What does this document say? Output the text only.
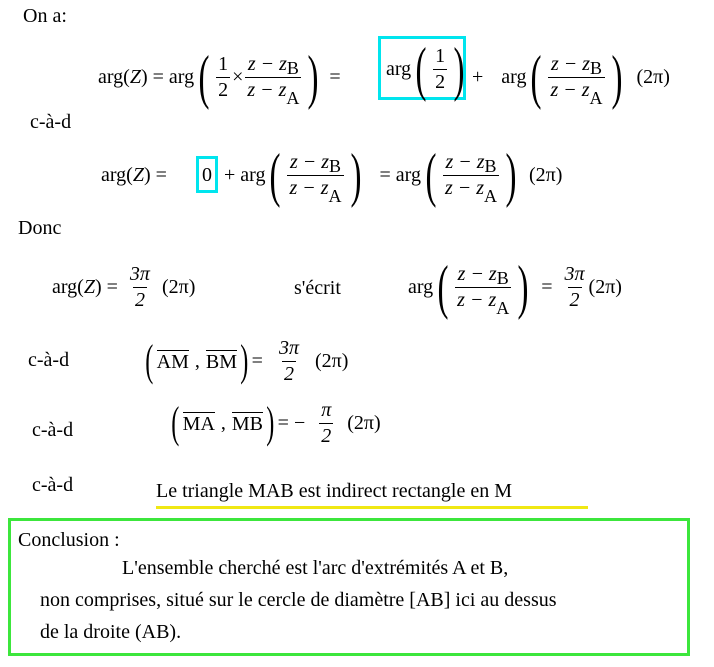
On a:
arg( Z ) = arg ( $\frac{1}{2} \times \frac{z - zB}{z - zA}$ ) = arg ( $\frac{1}{2}$ ) + arg ( $\frac{z - zB}{z - zA}$ ) (2π)
c-à-d
arg( Z ) = 0 + arg ( $\frac{z - zB}{z - zA}$ ) = arg ( $\frac{z - zB}{z - zA}$ ) (2π)
Donc
arg( Z ) = $\frac{3\pi}{2} (2\pi)$	s'écrit	arg ( $\frac{z - zB}{z - zA}$ ) = $\frac{3\pi}{2} (2\pi)$
c-à-d ( AM , BM ) = $\frac{3\pi}{2} (2\pi)$
c-à-d ( MA , MB ) = − $\frac{\pi}{2} (2\pi)$
c-à-d	Le triangle MAB est indirect rectangle en M
Conclusion :
L'ensemble cherché est l'arc d'extrémités A et B,
non comprises, situé sur le cercle de diamètre [AB] ici au dessus
de la droite (AB).
